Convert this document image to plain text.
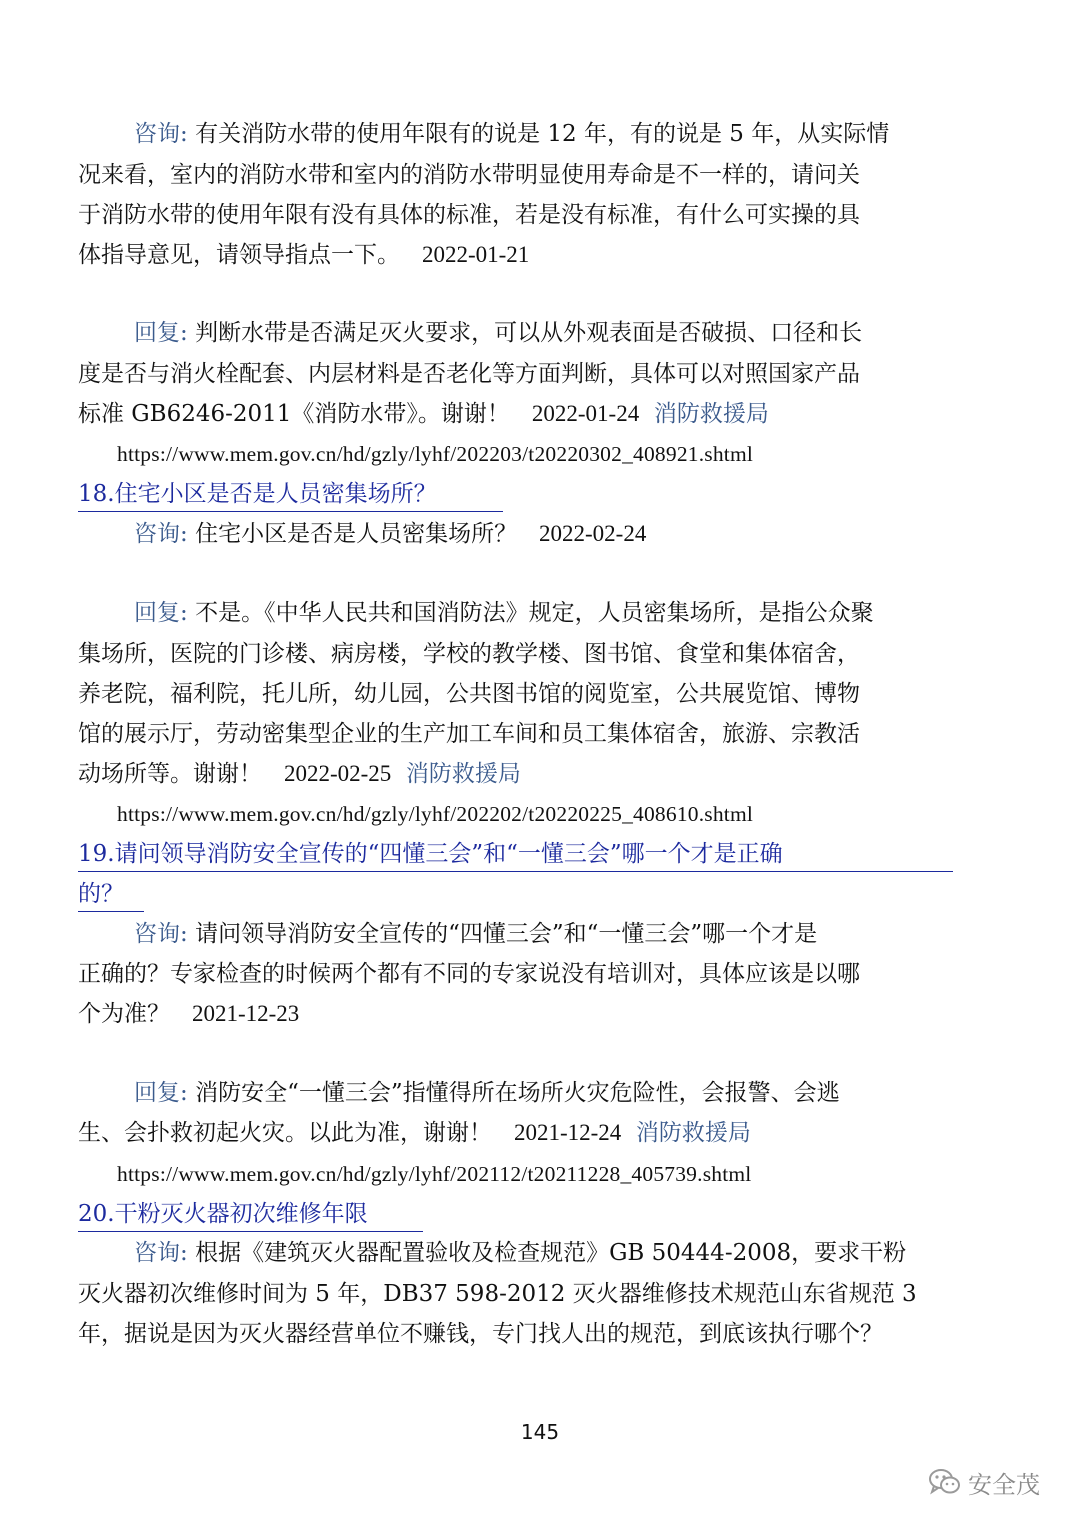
咨询: 有关消防水带的使用年限有的说是 12 年，有的说是 5 年，从实际情
况来看，室内的消防水带和室内的消防水带明显使用寿命是不一样的，请问关
于消防水带的使用年限有没有具体的标准，若是没有标准，有什么可实操的具
体指导意见，请领导指点一下。 2022-01-21
回复: 判断水带是否满足灭火要求，可以从外观表面是否破损、口径和长
度是否与消火栓配套、内层材料是否老化等方面判断，具体可以对照国家产品
标准 GB6246-2011《消防水带》。谢谢！ 2022-01-24 消防救援局
https://www.mem.gov.cn/hd/gzly/lyhf/202203/t20220302_408921.shtml
18.住宅小区是否是人员密集场所？
咨询: 住宅小区是否是人员密集场所？ 2022-02-24
回复: 不是。《中华人民共和国消防法》规定，人员密集场所，是指公众聚
集场所，医院的门诊楼、病房楼，学校的教学楼、图书馆、食堂和集体宿舍，
养老院，福利院，托儿所，幼儿园，公共图书馆的阅览室，公共展览馆、博物
馆的展示厅，劳动密集型企业的生产加工车间和员工集体宿舍，旅游、宗教活
动场所等。谢谢！ 2022-02-25 消防救援局
https://www.mem.gov.cn/hd/gzly/lyhf/202202/t20220225_408610.shtml
19.请问领导消防安全宣传的“四懂三会”和“一懂三会”哪一个才是正确
的？
咨询: 请问领导消防安全宣传的“四懂三会”和“一懂三会”哪一个才是
正确的？专家检查的时候两个都有不同的专家说没有培训对，具体应该是以哪
个为准？ 2021-12-23
回复: 消防安全“一懂三会”指懂得所在场所火灾危险性，会报警、会逃
生、会扑救初起火灾。以此为准，谢谢！ 2021-12-24 消防救援局
https://www.mem.gov.cn/hd/gzly/lyhf/202112/t20211228_405739.shtml
20.干粉灭火器初次维修年限
咨询: 根据《建筑灭火器配置验收及检查规范》GB 50444-2008，要求干粉
灭火器初次维修时间为 5 年，DB37 598-2012 灭火器维修技术规范山东省规范 3
年，据说是因为灭火器经营单位不赚钱，专门找人出的规范，到底该执行哪个？
145
安全茂
